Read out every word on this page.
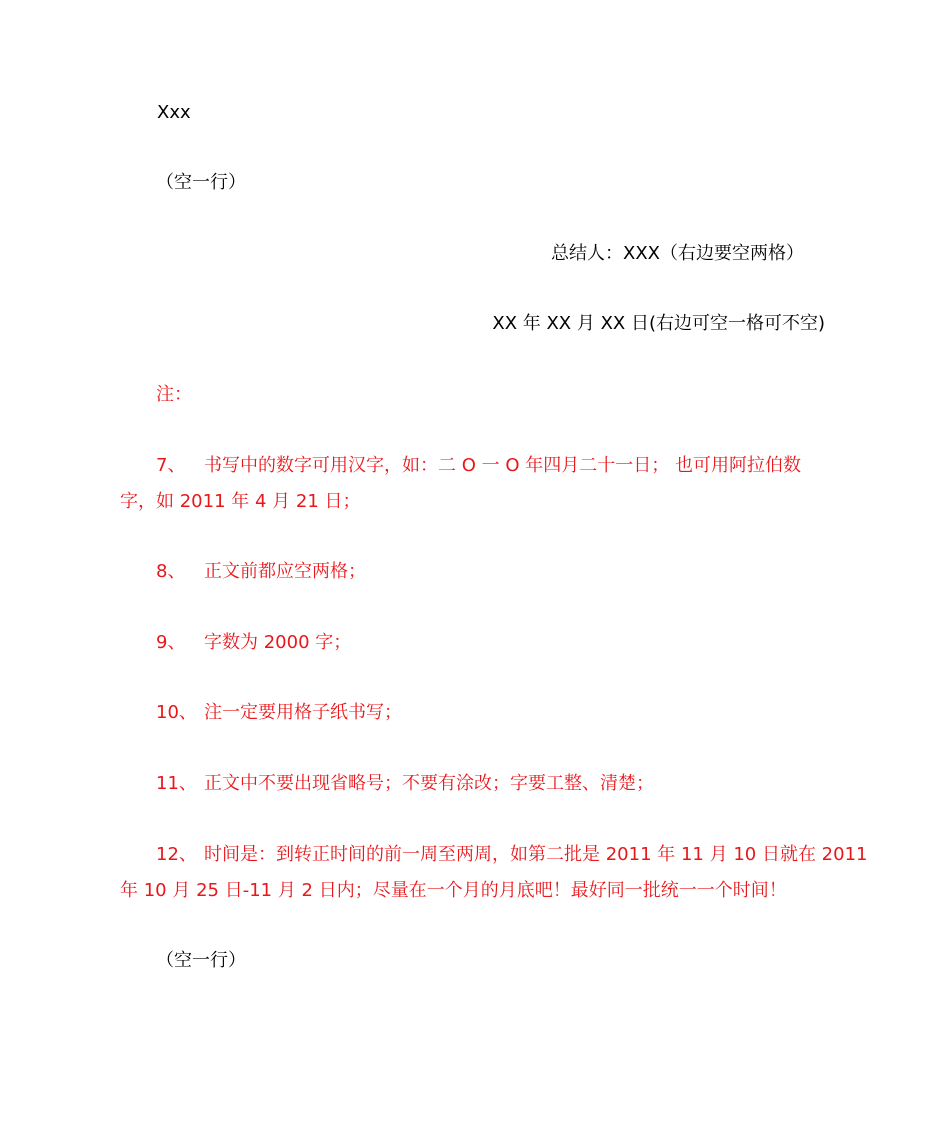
Xxx
（空一行）
总结人：XXX（右边要空两格）
XX 年 XX 月 XX 日(右边可空一格可不空)
注：
7、 书写中的数字可用汉字，如：二 O 一 O 年四月二十一日； 也可用阿拉伯数
字，如 2011 年 4 月 21 日；
8、 正文前都应空两格；
9、 字数为 2000 字；
10、 注一定要用格子纸书写；
11、 正文中不要出现省略号；不要有涂改；字要工整、清楚；
12、 时间是：到转正时间的前一周至两周，如第二批是 2011 年 11 月 10 日就在 2011
年 10 月 25 日-11 月 2 日内；尽量在一个月的月底吧！最好同一批统一一个时间！
（空一行）
